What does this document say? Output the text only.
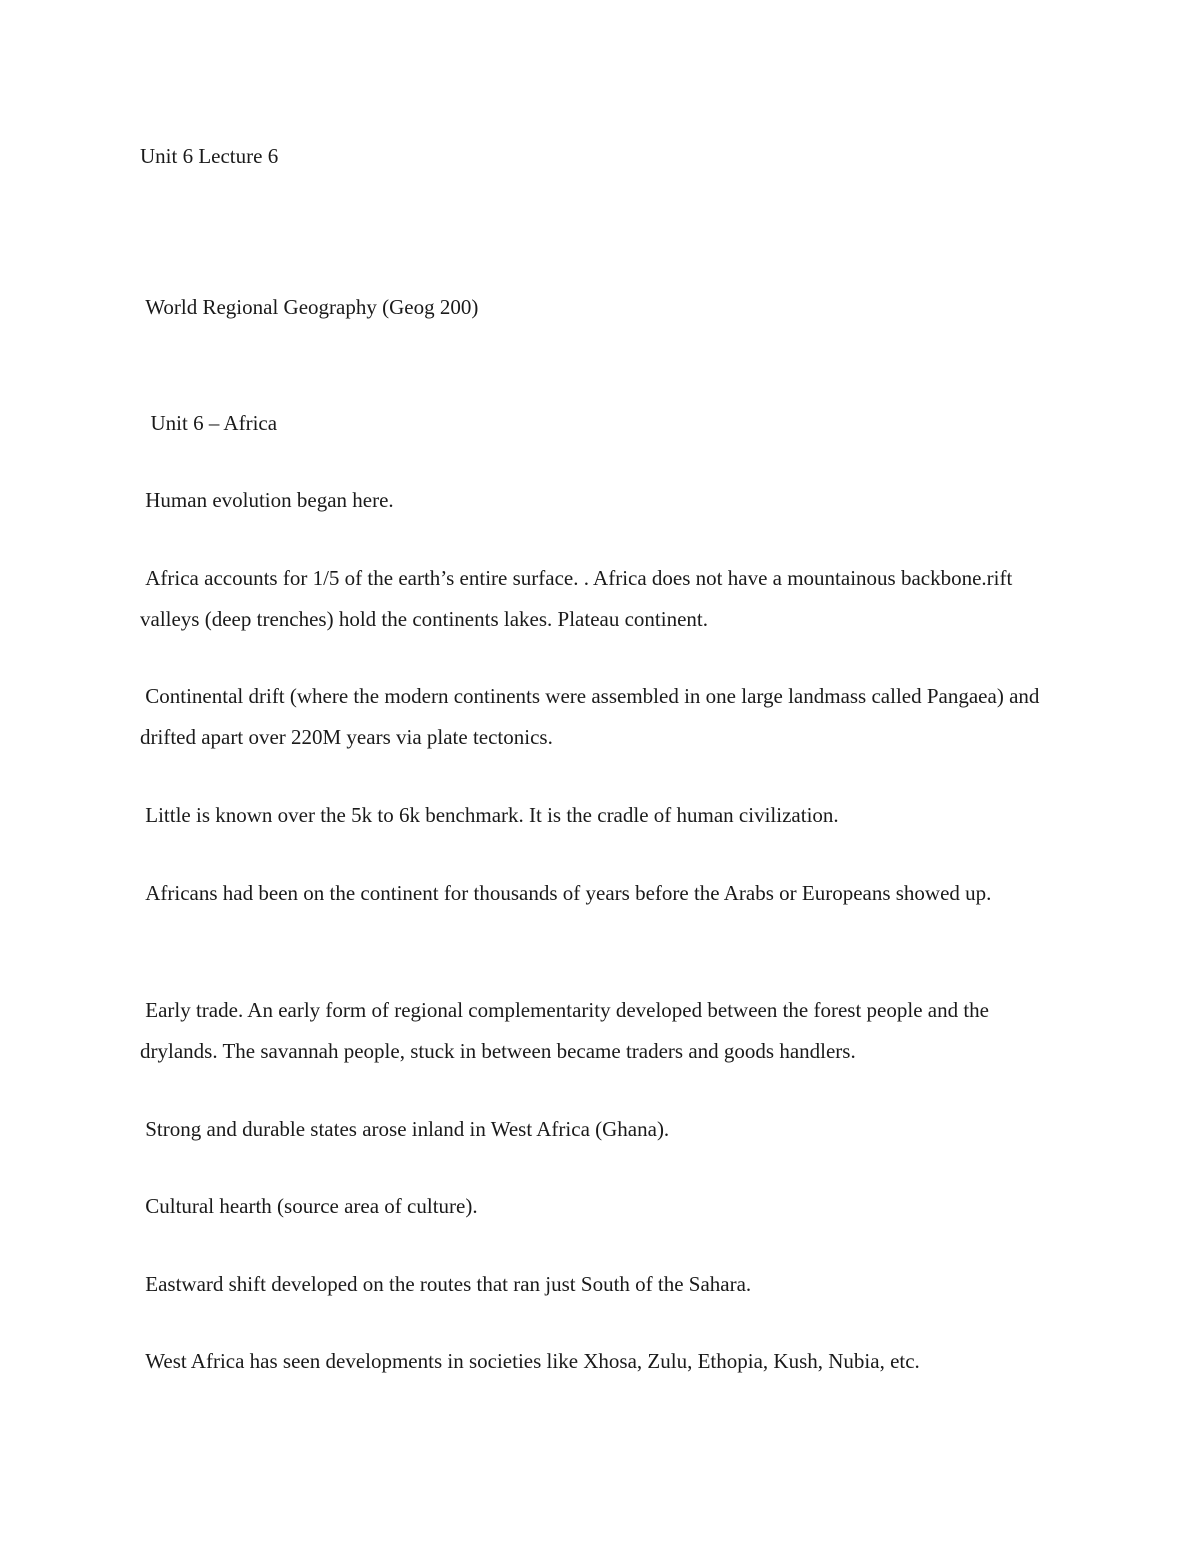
Unit 6 Lecture 6

World Regional Geography (Geog 200)

Unit 6 – Africa

Human evolution began here.

Africa accounts for 1/5 of the earth’s entire surface. . Africa does not have a mountainous backbone.rift valleys (deep trenches) hold the continents lakes. Plateau continent.

Continental drift (where the modern continents were assembled in one large landmass called Pangaea) and drifted apart over 220M years via plate tectonics.

Little is known over the 5k to 6k benchmark. It is the cradle of human civilization.

Africans had been on the continent for thousands of years before the Arabs or Europeans showed up.

Early trade. An early form of regional complementarity developed between the forest people and the drylands. The savannah people, stuck in between became traders and goods handlers.

Strong and durable states arose inland in West Africa (Ghana).

Cultural hearth (source area of culture).

Eastward shift developed on the routes that ran just South of the Sahara.

West Africa has seen developments in societies like Xhosa, Zulu, Ethopia, Kush, Nubia, etc.
